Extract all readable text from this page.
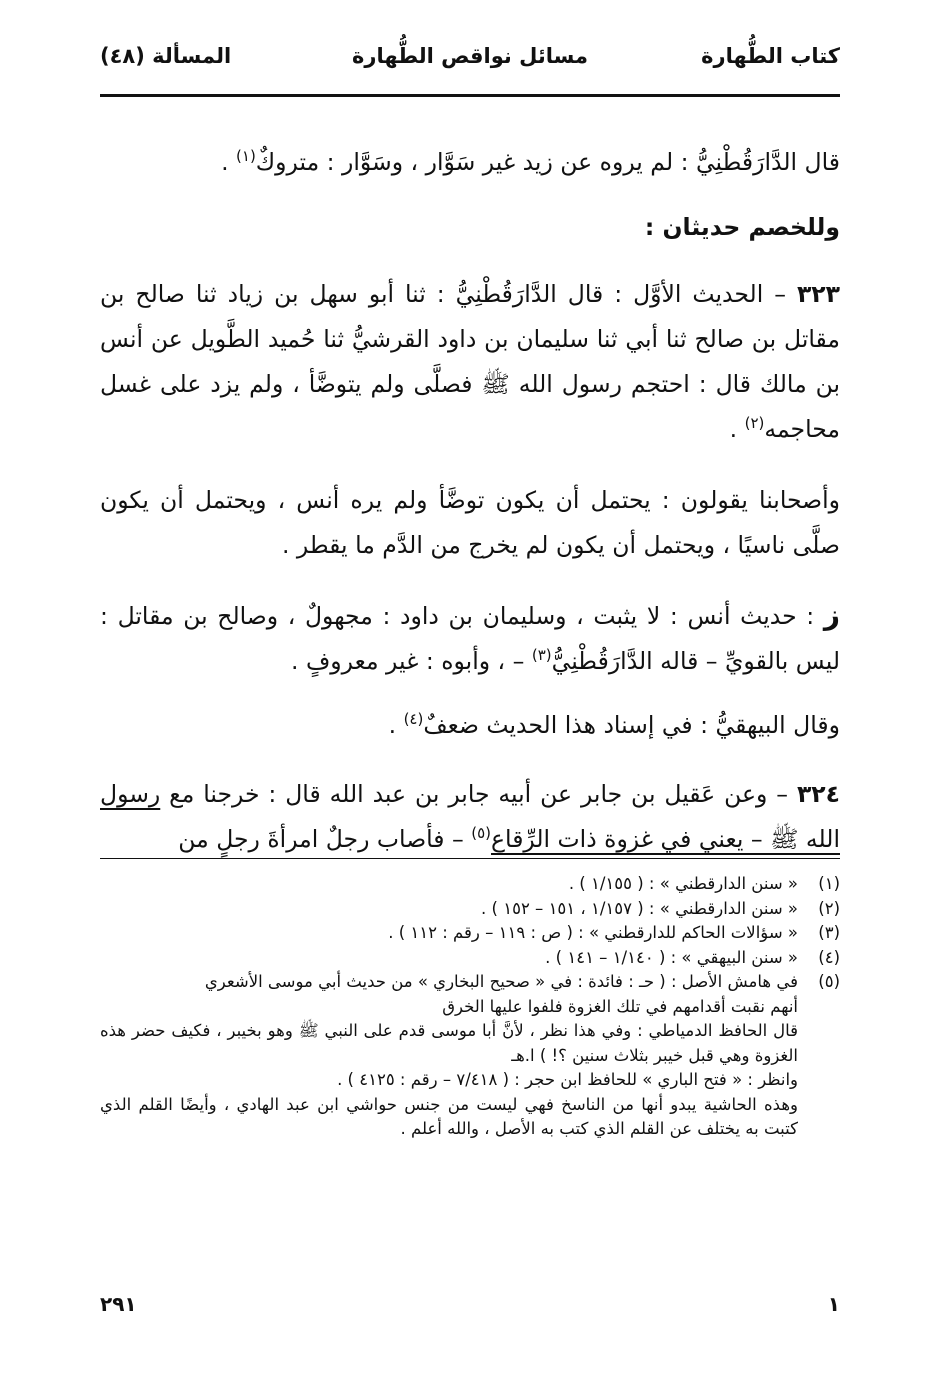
كتاب الطُّهارة
مسائل نواقص الطُّهارة
المسألة (٤٨)

قال الدَّارَقُطْنِيُّ : لم يروه عن زيد غير سَوَّار ، وسَوَّار : متروكٌ$^{(١)}$ .

وللخصم حديثان :

٣٢٣ – الحديث الأوَّل : قال الدَّارَقُطْنِيُّ : ثنا أبو سهل بن زياد ثنا صالح بن مقاتل بن صالح ثنا أبي ثنا سليمان بن داود القرشيُّ ثنا حُميد الطَّويل عن أنس بن مالك قال : احتجم رسول الله ﷺ فصلَّى ولم يتوضَّأ ، ولم يزد على غسل محاجمه$^{(٢)}$ .

وأصحابنا يقولون : يحتمل أن يكون توضَّأ ولم يره أنس ، ويحتمل أن يكون صلَّى ناسيًا ، ويحتمل أن يكون لم يخرج من الدَّم ما يقطر .

ز : حديث أنس : لا يثبت ، وسليمان بن داود : مجهولٌ ، وصالح بن مقاتل : ليس بالقويِّ – قاله الدَّارَقُطْنِيُّ$^{(٣)}$ – ، وأبوه : غير معروفٍ .

وقال البيهقيُّ : في إسناد هذا الحديث ضعفٌ$^{(٤)}$ .

٣٢٤ – وعن عَقيل بن جابر عن أبيه جابر بن عبد الله قال : خرجنا مع رسول الله ﷺ – يعني في غزوة ذات الرِّقاع$^{(٥)}$ – فأصاب رجلٌ امرأةَ رجلٍ من

(١)
« سنن الدارقطني » : ( ١/١٥٥ ) .
(٢)
« سنن الدارقطني » : ( ١/١٥٧ ، ١٥١ – ١٥٢ ) .
(٣)
« سؤالات الحاكم للدارقطني » : ( ص : ١١٩ – رقم : ١١٢ ) .
(٤)
« سنن البيهقي » : ( ١/١٤٠ – ١٤١ ) .
(٥)
في هامش الأصل : ( حـ : فائدة : في « صحيح البخاري » من حديث أبي موسى الأشعري
أنهم نقبت أقدامهم في تلك الغزوة فلفوا عليها الخرق
قال الحافظ الدمياطي : وفي هذا نظر ، لأنَّ أبا موسى قدم على النبي ﷺ وهو بخيبر ، فكيف حضر هذه الغزوة وهي قبل خيبر بثلاث سنين ؟! ) ا.هـ
وانظر : « فتح الباري » للحافظ ابن حجر : ( ٧/٤١٨ – رقم : ٤١٢٥ ) .
وهذه الحاشية يبدو أنها من الناسخ فهي ليست من جنس حواشي ابن عبد الهادي ، وأيضًا القلم الذي كتبت به يختلف عن القلم الذي كتب به الأصل ، والله أعلم .
٢٩١	١
